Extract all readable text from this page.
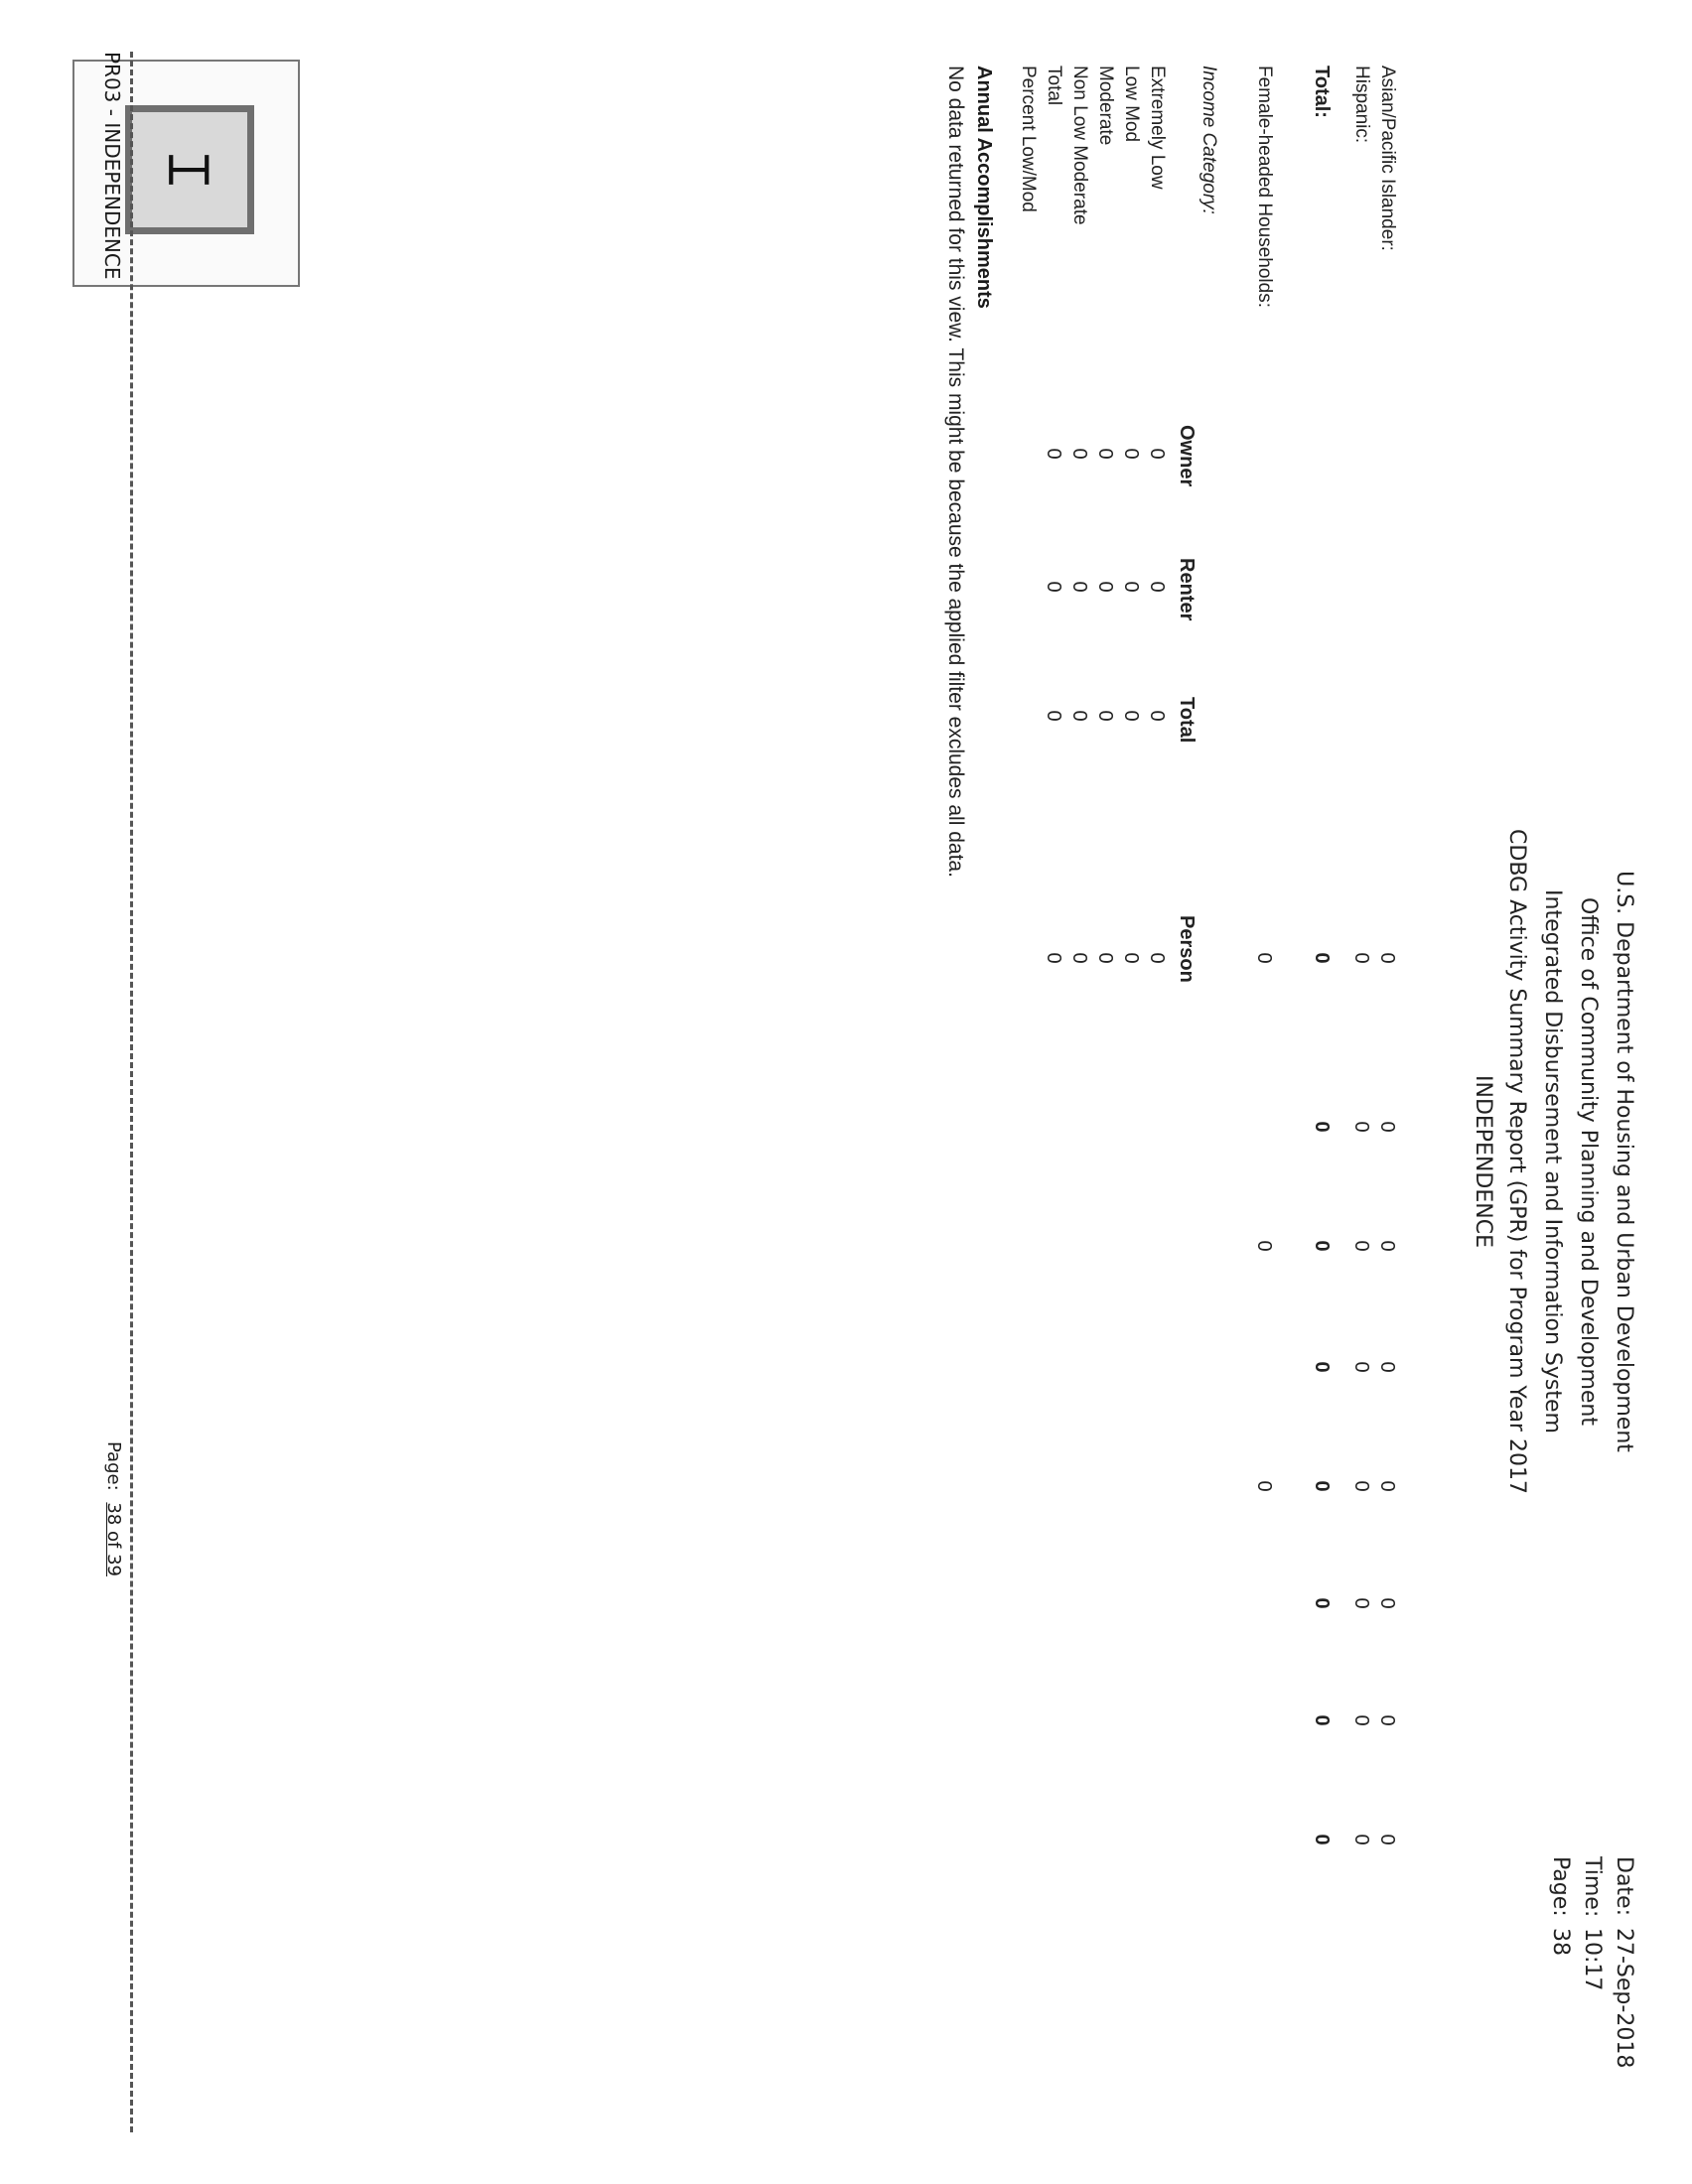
U.S. Department of Housing and Urban Development
Office of Community Planning and Development
Integrated Disbursement and Information System
CDBG Activity Summary Report (GPR) for Program Year 2017
INDEPENDENCE
Date:
27-Sep-2018
Time:
10:17
Page:
38
⌶	Asian/Pacific Islander:
Hispanic:
0
0
0
0
0
0
0
0
0
0
0
0
0
0
0
0
Total:
0
0
0
0
0
0
0
0
Female-headed Households:
0
0
0
Income Category:
Owner
Renter
Total
Person
Extremely Low
0
0
0
0
Low Mod
0
0
0
0
Moderate
0
0
0
0
Non Low Moderate
0
0
0
0
Total
0
0
0
0
Percent Low/Mod
Annual Accomplishments
No data returned for this view. This might be because the applied filter excludes all data.
PR03 - INDEPENDENCE
Page: 38 of 39
